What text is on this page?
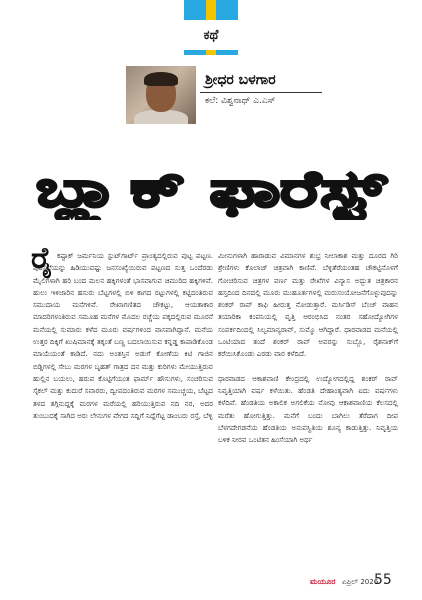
ಕಥೆ
ಶ್ರೀಧರ ಬಳಗಾರ
ಕಲೆ: ವಿಶ್ವನಾಥ್ ಎ.ಎಸ್
ಬ್ಲ್ಯಾಕ್ ಫಾರೆಸ್ಟ್
ರೈ ಕಷ್ಟಾಕ್ ಜರ್ಮನಿಯ ಸ್ಟುಟ್‌ಗಾರ್ಟ್ ಪ್ರಾಂತ್ಯದಲ್ಲಿರುವ ಪುಟ್ಟ ಪಟ್ಟಣ. ಪುರಸಭೆಯನ್ನು ಹಿಡಿಯುವಷ್ಟು ಜನಸಂಖ್ಯೆಯಿರುವ ಪಟ್ಟಣದ ಸುತ್ತ ಒಂದೆರಡು ಮೈಲಿಗಳಾಗಿ ಹರಿ ಬಂದ ಮಲನ ಹಕ್ಕಿಗಳಂತೆ ಭಾಸವಾಗುವ ಚಿಮುರಿದ ಹಕ್ಕಿಗಳಿವೆ. ಹುಲು ಇಳಿಜಾರಿನ ಹಸುರು ಬೆಟ್ಟಗಳಲ್ಲಿ ಬಿಳಿ ಕಾಗದ ರಟ್ಟುಗಳಲ್ಲಿ ಕಟ್ಟಿದಂತಿರುವ ಸಮುದಾಯ ಮನೆಗಳಿವೆ. ರೇಖಾಗಣಿತದ ಚೌಕಟ್ಟು, ಆಯತಾಕಾರ ಮಾದರಿಗಳಂತಿರುವ ಸಮೂಹ ಮನೆಗಳ ಮೊದಲ ರಚ್ಚೆಯ ಪಕ್ಕದಲ್ಲಿರುವ ಮೂರನೆ ಮನೆಯಲ್ಲಿ ಸುಮಾರು ಕಳೆದ ಮೂರು ವರ್ಷಗಳಿಂದ ವಾಸವಾಗಿದ್ದಾನೆ. ಮನೆಯ ಉತ್ತರ ದಿಕ್ಕಿಗೆ ಖುಷಿಮಾನಕ್ಕೆ ತಕ್ಕಂತೆ ಬಣ್ಣ ಬದಲಾಯಿಸುವ ಕನ್ನಡ್ಡ ಕಾಪಾಡಿಕೊಂಡ ಮಾಯೆಯಂತೆ ಕಾಡಿದೆ. ನದು ಅಂತಸ್ತಿನ ಅಡುಗೆ ಕೋಣೆಯ ಕಿಟಿ ಗಾಜಿನ ಬಿಡ್ದಿಗಳಲ್ಲಿ ಸೇಬು ಮರಗಳ ಬೃಹತ್ ಗಾತ್ರದ ದನ ಮತ್ತು ಕುರಿಗಳು ಮೇಯುತ್ತಿರುವ ಹುಲ್ಲಿನ ಬಯಲು, ಹರುವ ಕೊಟ್ಟಿಗೆಯಂತ ಫಾರ್ಮ್ ಹೌಸುಗಳು, ಸಂಚರಿಸುವ ಸೈಕಲ್ ಮತ್ತು ಕುದುರೆ ಸವಾರರು, ದ್ವೀಪದಂತಿರುವ ಮರಗಳ ಸಮುಚ್ಚಯ, ಬೆಟ್ಟದ ತಳದ ತಗ್ಗಿನುದ್ದಕ್ಕೆ ಮರಗಳ ಮರೆಯಲ್ಲಿ ಹರಿಯುತ್ತಿರುವ ನದಿ ನರ, ಅದರ ತುಂಬುದಕ್ಕೆ ಸಾಗಿದ ಅರು ಲೇನುಗಳ ವೇಗದ ಸದ್ದಿಗೆ ನಿದ್ದೆಗೆಟ್ಟ ಡಾಂಬರು ರಸ್ತೆ, ಬೆಳ್ಳಿ

ಮೀನುಗಳಾಗಿ ಹಾರಾಡುವ ವಿಮಾನಗಳ ಶುಭ್ರ ನೀಲಾಕಾಶ ಮತ್ತು ದೂರದ ಗಿರಿ ಶ್ರೇಣಿಗಳು ಕೊಲಾಜ್ ಚಿತ್ರವಾಗಿ ಕಾಣಿವೆ. ಬೆಳ್ಳಿತೆರೆಯಂತಹ ಚೌಕಟ್ಟಿನೊಳಗೆ ಗೋಚರಿಸುವ ಚಿತ್ರಗಳ ವರ್ಣ ಮತ್ತು ರೇಖೆಗಳ ವಿನ್ಯಾಸ ಅದ್ಭುತ ಚಿತ್ರಕಾರನ ಹಸ್ತದಿಂದ ದಿನದಲ್ಲಿ ಮೂರು ಮುಹೂರ್ತಗಳಲ್ಲಿ ಮರುಸಂಯೋಜನೆಗೊಳ್ಳುವುದನ್ನು ಶಂಕರ್ ರಾವ್ ಕಾಫಿ ಹೀರುತ್ತ ನೋಡುತ್ತಾರೆ. ಮರ್ಸಿಡಿಸ್ ಬೆಂಜ್ ವಾಹನ ತಯಾರಿಕಾ ಕಂಪನಿಯಲ್ಲಿ ವೃತ್ತಿ ಆರಂಭಿಸಿದ ನಂತರ ಸಹೋದ್ಯೋಗಿಗಳ ಸಂಪರ್ಕದಿಂದಲ್ಲಿ ಸಿಲ್ವಮಾನ್ಯರಾವ್, ಸುಮ್ಮೊ ಆಗಿದ್ದಾರೆ. ಧಾರವಾಡದ ಮನೆಯಲ್ಲಿ ಒಂಟಿಯಾದ ತಂದೆ ಶಂಕರ್ ರಾವ್ ಅವರನ್ನು ಸುಬ್ಬೊ, ರೈಶನಾಕ್‌ಗೆ ಕರೆಯಿಸಿಕೊಂಡು ಎರಡು ವಾರ ಕಳೆದಿದೆ.

ಧಾರವಾಡದ ಆಕಾಶವಾಣಿ ಕೇಂದ್ರದಲ್ಲಿ ಉದ್ಯೋಗದಲ್ಲಿದ್ದ ಶಂಕರ್ ರಾವ್ ನಿವೃತ್ತಿಯಾಗಿ ವರ್ಷ ಕಳೆಯಿತು. ಹೆಂಡತಿ ದೇಹಾಂತ್ಯವಾಗಿ ಐದು ವರ್ಷಗಳು ಕಳೆದಿವೆ. ಹೆಂಡತಿಯ ಅಕಾಲಿಕ ಅಗಲಿಕೆಯ ನೋವು ಆಕಾಶವಾಣಿಯ ಕೆಲಸದಲ್ಲಿ ಮರೆತು ಹೋಗುತ್ತಿತ್ತು. ಮನೆಗೆ ಬಂದು ಬಾಗಿಲು ತೆರೆದಾಗ ದೀಪ ಬೆಳಗದೇಗಡನೆಯ ಹೆಂಡತಿಯ ಅನುಪಸ್ಥಿತಿಯ ಶೂನ್ಯ ಕಾಡುತ್ತಿತ್ತು. ನಿವೃತ್ತಿಯ ಬಳಿಕ ನೀರವ ಒಂಟಿತನ ಹಿಂಸೆಯಾಗಿ ಅರ್ಥ

ಮಯೂರ ಏಪ್ರಿಲ್ 2026
55
